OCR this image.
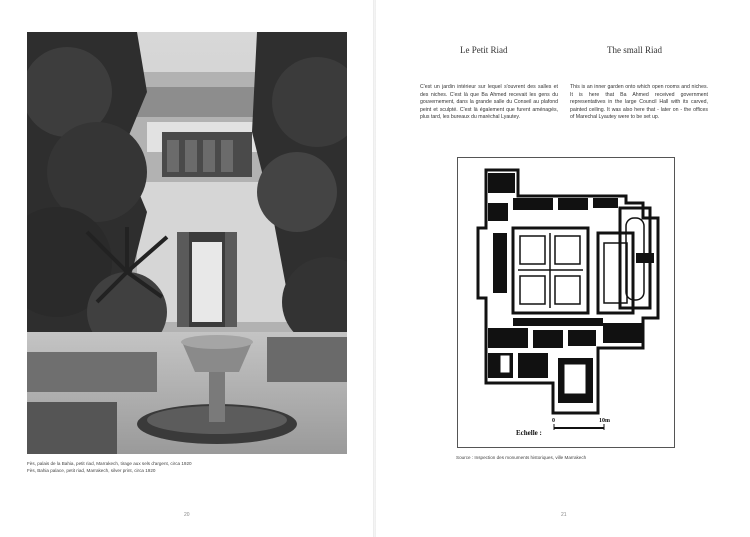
Fès, palais de la Bahia, petit riad, Marrakech, tirage aux sels d'argent, circa 1920
Fès, Bahia palace, petit riad, Marrakech, silver print, circa 1920
20
Le Petit Riad	The small Riad
C'est un jardin intérieur sur lequel s'ouvrent des salles et des niches. C'est là que Ba Ahmed recevait les gens du gouvernement, dans la grande salle du Conseil au plafond peint et sculpté. C'est là également que furent aménagés, plus tard, les bureaux du maréchal Lyautey.
This is an inner garden onto which open rooms and niches. It is here that Ba Ahmed received government representatives in the large Council Hall with its carved, painted ceiling. It was also here that - later on - the offices of Marechal Lyautey were to be set up.
Echelle :
0	10m
Source : Inspection des monuments historiques, ville Marrakech
21
